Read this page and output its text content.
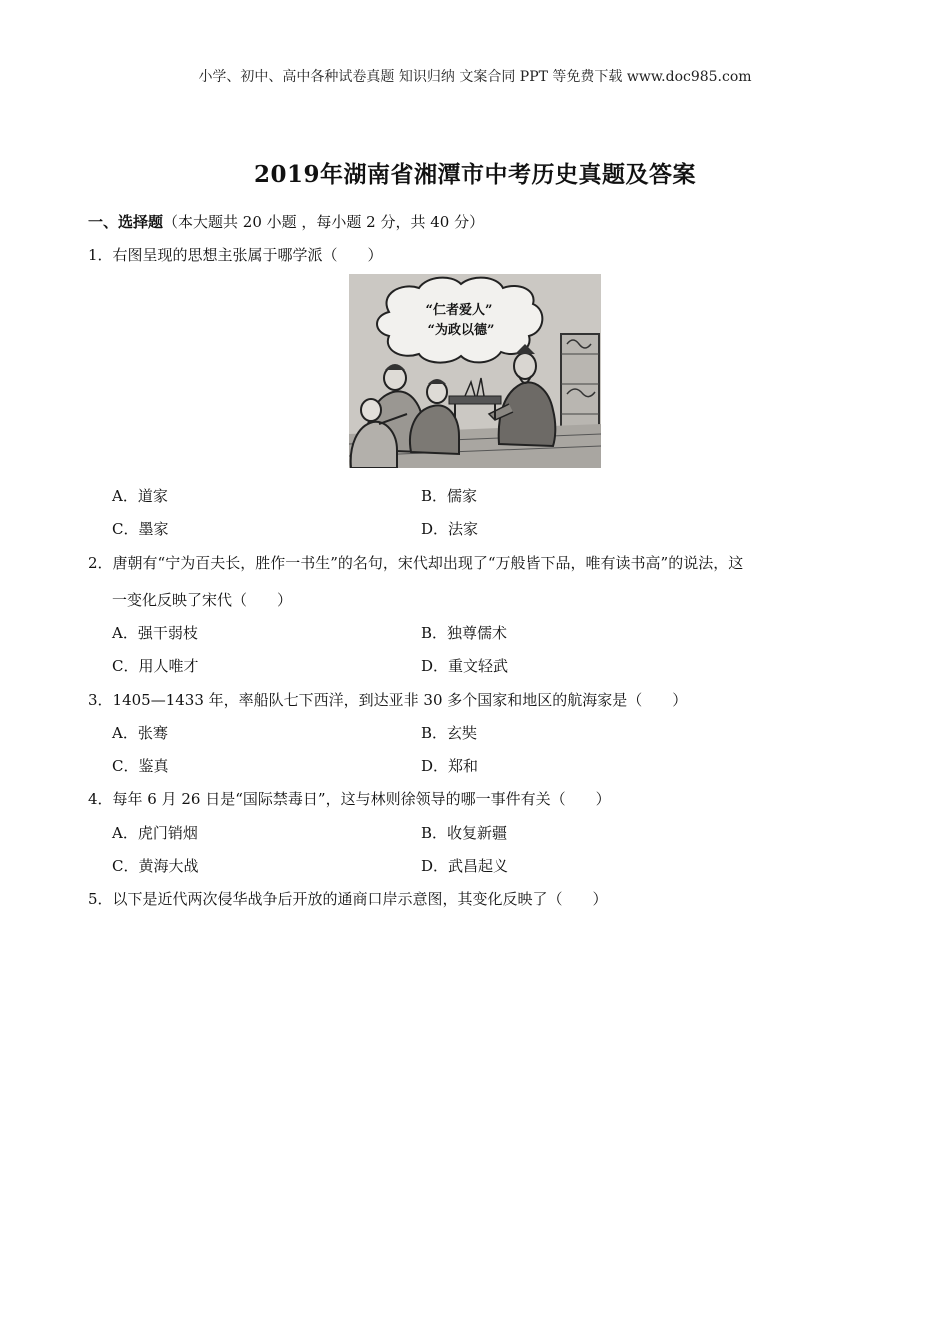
小学、初中、高中各种试卷真题 知识归纳 文案合同 PPT 等免费下载 www.doc985.com
2019年湖南省湘潭市中考历史真题及答案
一、选择题（本大题共 20 小题 ，每小题 2 分，共 40 分）
1．右图呈现的思想主张属于哪学派（　　）
“仁者爱人”
“为政以德”
A．道家	B．儒家
C．墨家	D．法家
2．唐朝有“宁为百夫长，胜作一书生”的名句，宋代却出现了“万般皆下品，唯有读书高”的说法，这
一变化反映了宋代（　　）
A．强干弱枝	B．独尊儒术
C．用人唯才	D．重文轻武
3．1405—1433 年，率船队七下西洋，到达亚非 30 多个国家和地区的航海家是（　　）
A．张骞	B．玄奘
C．鉴真	D．郑和
4．每年 6 月 26 日是“国际禁毒日”，这与林则徐领导的哪一事件有关（　　）
A．虎门销烟	B．收复新疆
C．黄海大战	D．武昌起义
5．以下是近代两次侵华战争后开放的通商口岸示意图，其变化反映了（　　）
